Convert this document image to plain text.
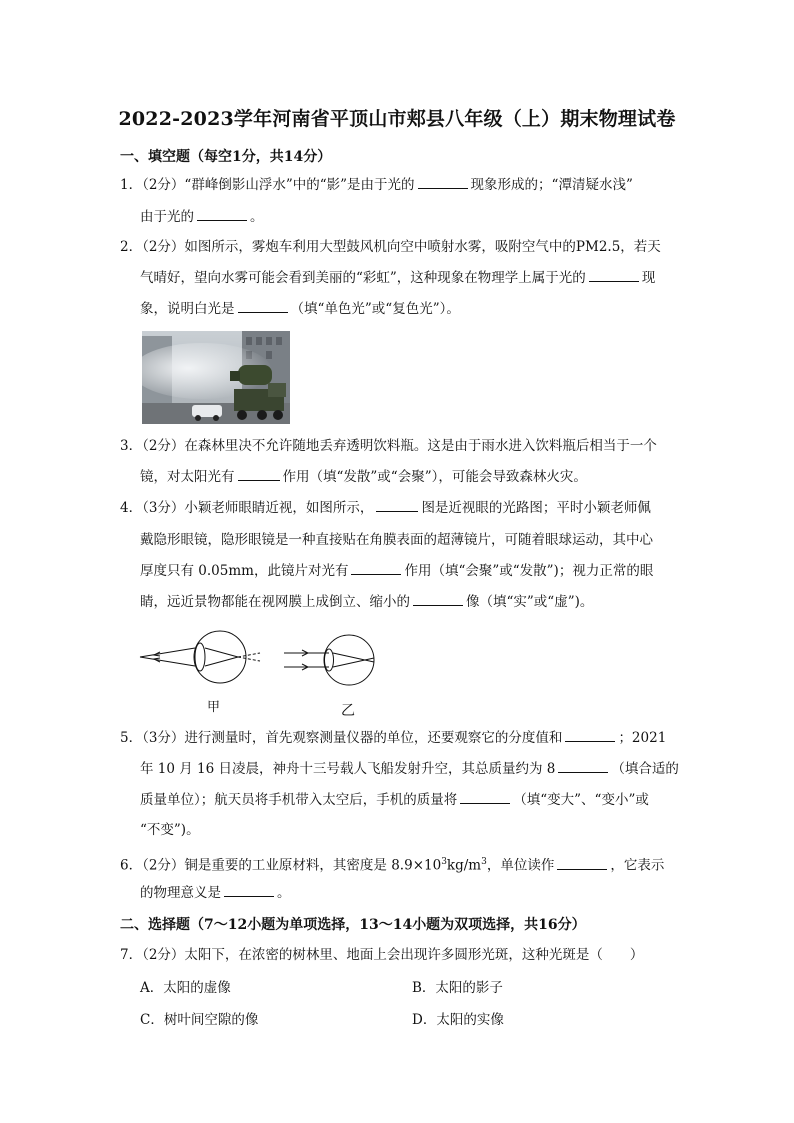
2022-2023学年河南省平顶山市郏县八年级（上）期末物理试卷
一、填空题（每空1分，共14分）
1．（2分）“群峰倒影山浮水”中的“影”是由于光的	现象形成的；“潭清疑水浅”
由于光的	。
2．（2分）如图所示，雾炮车利用大型鼓风机向空中喷射水雾，吸附空气中的PM2.5，若天
气晴好，望向水雾可能会看到美丽的“彩虹”，这种现象在物理学上属于光的	现
象，说明白光是	（填“单色光”或“复色光”）。
3．（2分）在森林里决不允许随地丢弃透明饮料瓶。这是由于雨水进入饮料瓶后相当于一个
镜，对太阳光有	作用（填“发散”或“会聚”），可能会导致森林火灾。
4．（3分）小颖老师眼睛近视，如图所示，	图是近视眼的光路图；平时小颖老师佩
戴隐形眼镜，隐形眼镜是一种直接贴在角膜表面的超薄镜片，可随着眼球运动，其中心
厚度只有 0.05mm，此镜片对光有	作用（填“会聚”或“发散”)；视力正常的眼
睛，远近景物都能在视网膜上成倒立、缩小的	像（填“实”或“虚”)。
甲	乙
5．（3分）进行测量时，首先观察测量仪器的单位，还要观察它的分度值和	；2021
年 10 月 16 日凌晨，神舟十三号载人飞船发射升空，其总质量约为 8	（填合适的
质量单位）；航天员将手机带入太空后，手机的质量将	（填“变大”、“变小”或
“不变”)。
6．（2分）铜是重要的工业原材料，其密度是 $8.9\times 10^3kg/m^3$，单位读作	，它表示
的物理意义是	。
二、选择题（7～12小题为单项选择，13～14小题为双项选择，共16分）
7．（2分）太阳下，在浓密的树林里、地面上会出现许多圆形光斑，这种光斑是（　　）
A．太阳的虚像	B．太阳的影子
C．树叶间空隙的像	D．太阳的实像
